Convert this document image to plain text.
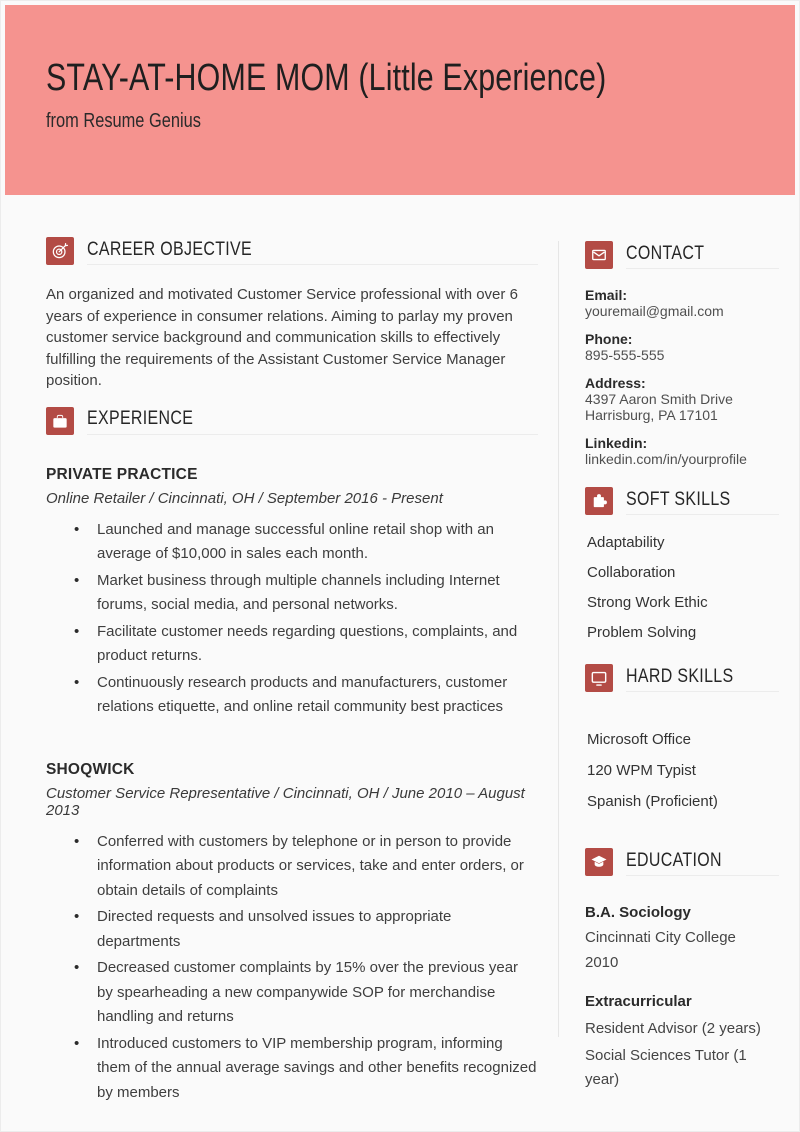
STAY-AT-HOME MOM (Little Experience)
from Resume Genius
CAREER OBJECTIVE

An organized and motivated Customer Service professional with over 6 years of experience in consumer relations. Aiming to parlay my proven customer service background and communication skills to effectively fulfilling the requirements of the Assistant Customer Service Manager position.

EXPERIENCE
PRIVATE PRACTICE
Online Retailer / Cincinnati, OH / September 2016 - Present
• Launched and manage successful online retail shop with an average of $10,000 in sales each month.
• Market business through multiple channels including Internet forums, social media, and personal networks.
• Facilitate customer needs regarding questions, complaints, and product returns.
• Continuously research products and manufacturers, customer relations etiquette, and online retail community best practices
SHOQWICK
Customer Service Representative / Cincinnati, OH / June 2010 – August 2013
• Conferred with customers by telephone or in person to provide information about products or services, take and enter orders, or obtain details of complaints
• Directed requests and unsolved issues to appropriate departments
• Decreased customer complaints by 15% over the previous year by spearheading a new companywide SOP for merchandise handling and returns
• Introduced customers to VIP membership program, informing them of the annual average savings and other benefits recognized by members
CONTACT
Email:
youremail@gmail.com
Phone:
895-555-555
Address:
4397 Aaron Smith Drive
Harrisburg, PA 17101
Linkedin:
linkedin.com/in/yourprofile
SOFT SKILLS
Adaptability
Collaboration
Strong Work Ethic
Problem Solving
HARD SKILLS
Microsoft Office
120 WPM Typist
Spanish (Proficient)
EDUCATION
B.A. Sociology
Cincinnati City College
2010
Extracurricular
Resident Advisor (2 years)
Social Sciences Tutor (1 year)
